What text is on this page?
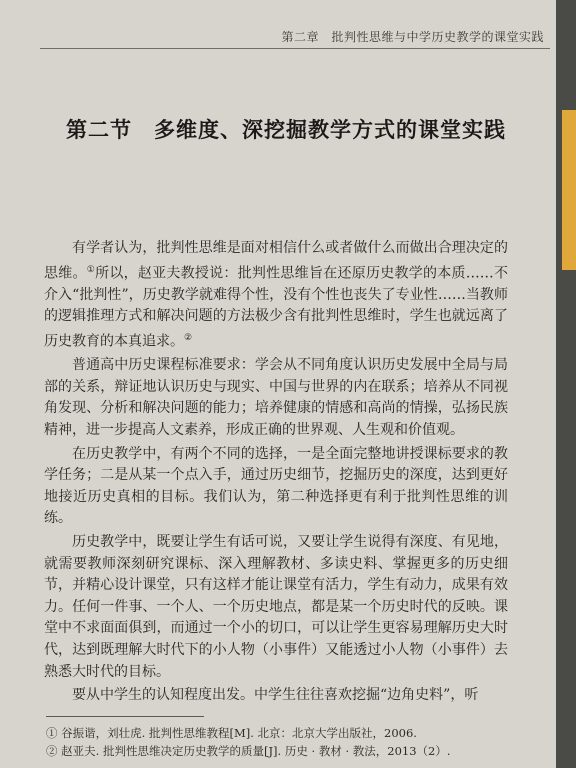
第二章　批判性思维与中学历史教学的课堂实践
第二节　多维度、深挖掘教学方式的课堂实践

有学者认为，批判性思维是面对相信什么或者做什么而做出合理决定的思维。①所以，赵亚夫教授说：批判性思维旨在还原历史教学的本质……不介入“批判性”，历史教学就难得个性，没有个性也丧失了专业性……当教师的逻辑推理方式和解决问题的方法极少含有批判性思维时，学生也就远离了历史教育的本真追求。②

普通高中历史课程标准要求：学会从不同角度认识历史发展中全局与局部的关系，辩证地认识历史与现实、中国与世界的内在联系；培养从不同视角发现、分析和解决问题的能力；培养健康的情感和高尚的情操，弘扬民族精神，进一步提高人文素养，形成正确的世界观、人生观和价值观。

在历史教学中，有两个不同的选择，一是全面完整地讲授课标要求的教学任务；二是从某一个点入手，通过历史细节，挖掘历史的深度，达到更好地接近历史真相的目标。我们认为，第二种选择更有利于批判性思维的训练。

历史教学中，既要让学生有话可说，又要让学生说得有深度、有见地，就需要教师深刻研究课标、深入理解教材、多读史料、掌握更多的历史细节，并精心设计课堂，只有这样才能让课堂有活力，学生有动力，成果有效力。任何一件事、一个人、一个历史地点，都是某一个历史时代的反映。课堂中不求面面俱到，而通过一个小的切口，可以让学生更容易理解历史大时代，达到既理解大时代下的小人物（小事件）又能透过小人物（小事件）去熟悉大时代的目标。

要从中学生的认知程度出发。中学生往往喜欢挖掘“边角史料”，听

① 谷振谐，刘壮虎. 批判性思维教程[M]. 北京：北京大学出版社，2006.
② 赵亚夫. 批判性思维决定历史教学的质量[J]. 历史 · 教材 · 教法，2013（2）.
